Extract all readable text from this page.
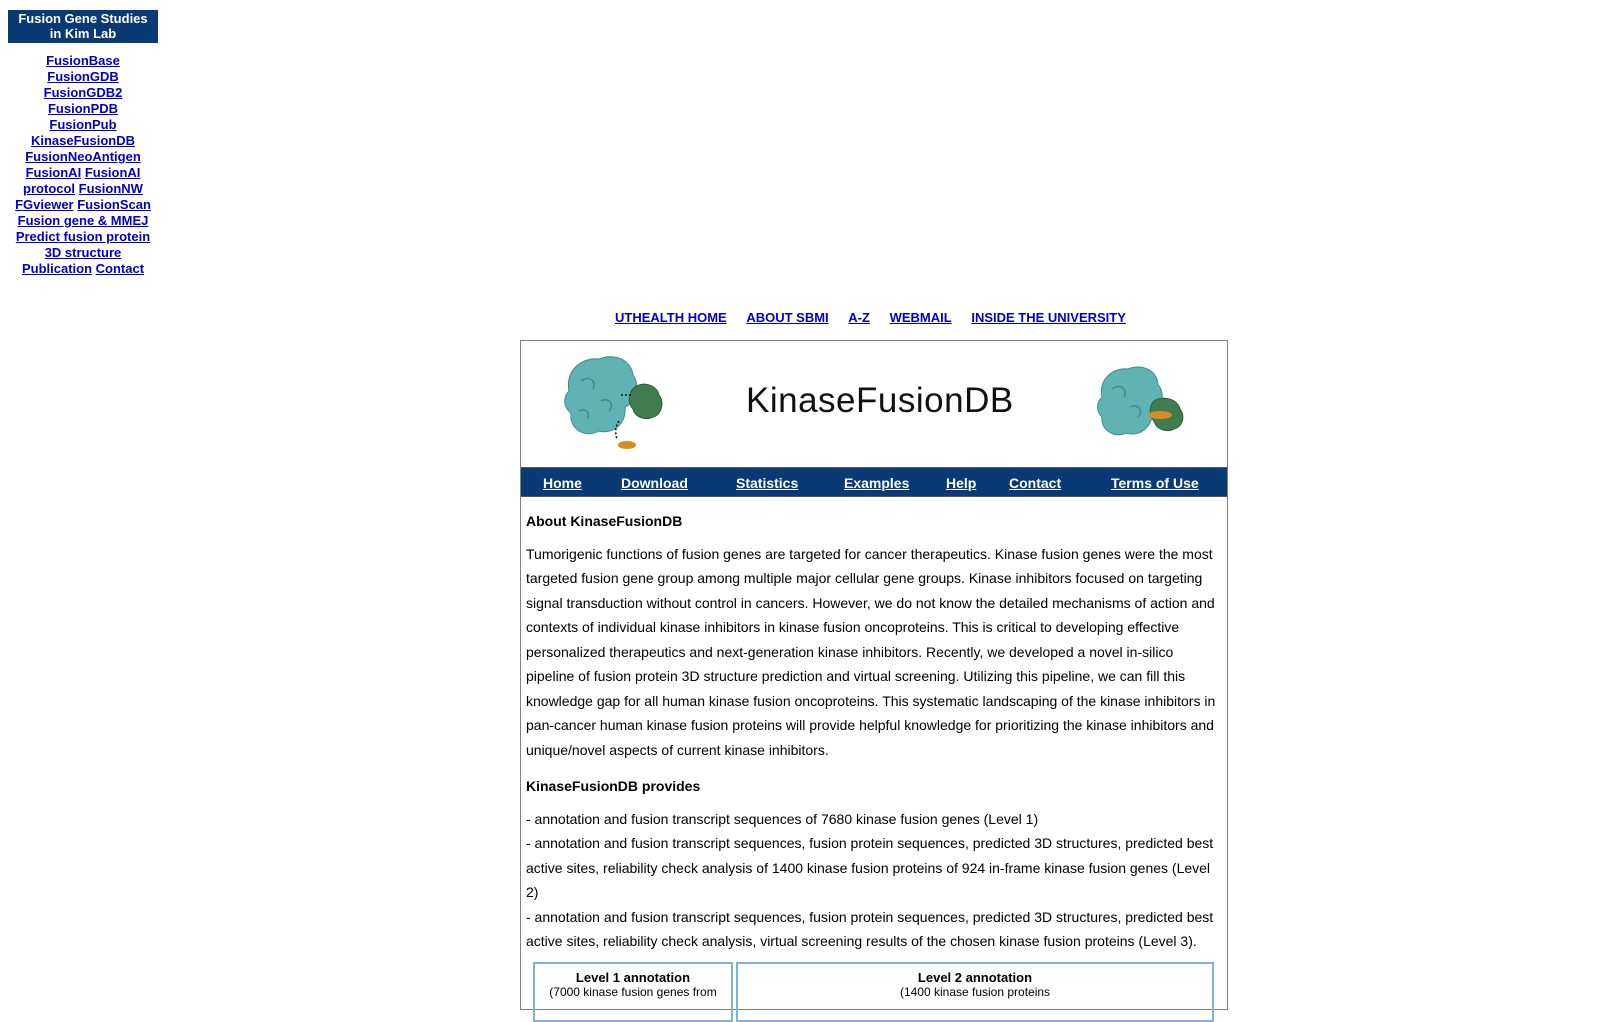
Fusion Gene Studies
in Kim Lab
FusionBase
FusionGDB
FusionGDB2
FusionPDB
FusionPub
KinaseFusionDB
FusionNeoAntigen
FusionAI FusionAI
protocol FusionNW
FGviewer FusionScan
Fusion gene & MMEJ
Predict fusion protein
3D structure
Publication Contact
UTHEALTH HOME ABOUT SBMI A-Z WEBMAIL INSIDE THE UNIVERSITY
KinaseFusionDB
Home	Download	Statistics	Examples	Help Contact	Terms of Use
About KinaseFusionDB

Tumorigenic functions of fusion genes are targeted for cancer therapeutics. Kinase fusion genes were the most targeted fusion gene group among multiple major cellular gene groups. Kinase inhibitors focused on targeting signal transduction without control in cancers. However, we do not know the detailed mechanisms of action and contexts of individual kinase inhibitors in kinase fusion oncoproteins. This is critical to developing effective personalized therapeutics and next-generation kinase inhibitors. Recently, we developed a novel in-silico pipeline of fusion protein 3D structure prediction and virtual screening. Utilizing this pipeline, we can fill this knowledge gap for all human kinase fusion oncoproteins. This systematic landscaping of the kinase inhibitors in pan-cancer human kinase fusion proteins will provide helpful knowledge for prioritizing the kinase inhibitors and unique/novel aspects of current kinase inhibitors.

KinaseFusionDB provides
- annotation and fusion transcript sequences of 7680 kinase fusion genes (Level 1)
- annotation and fusion transcript sequences, fusion protein sequences, predicted 3D structures, predicted best active sites, reliability check analysis of 1400 kinase fusion proteins of 924 in-frame kinase fusion genes (Level 2)
- annotation and fusion transcript sequences, fusion protein sequences, predicted 3D structures, predicted best active sites, reliability check analysis, virtual screening results of the chosen kinase fusion proteins (Level 3).
Level 1 annotation
(7000 kinase fusion genes from
Level 2 annotation
(1400 kinase fusion proteins
